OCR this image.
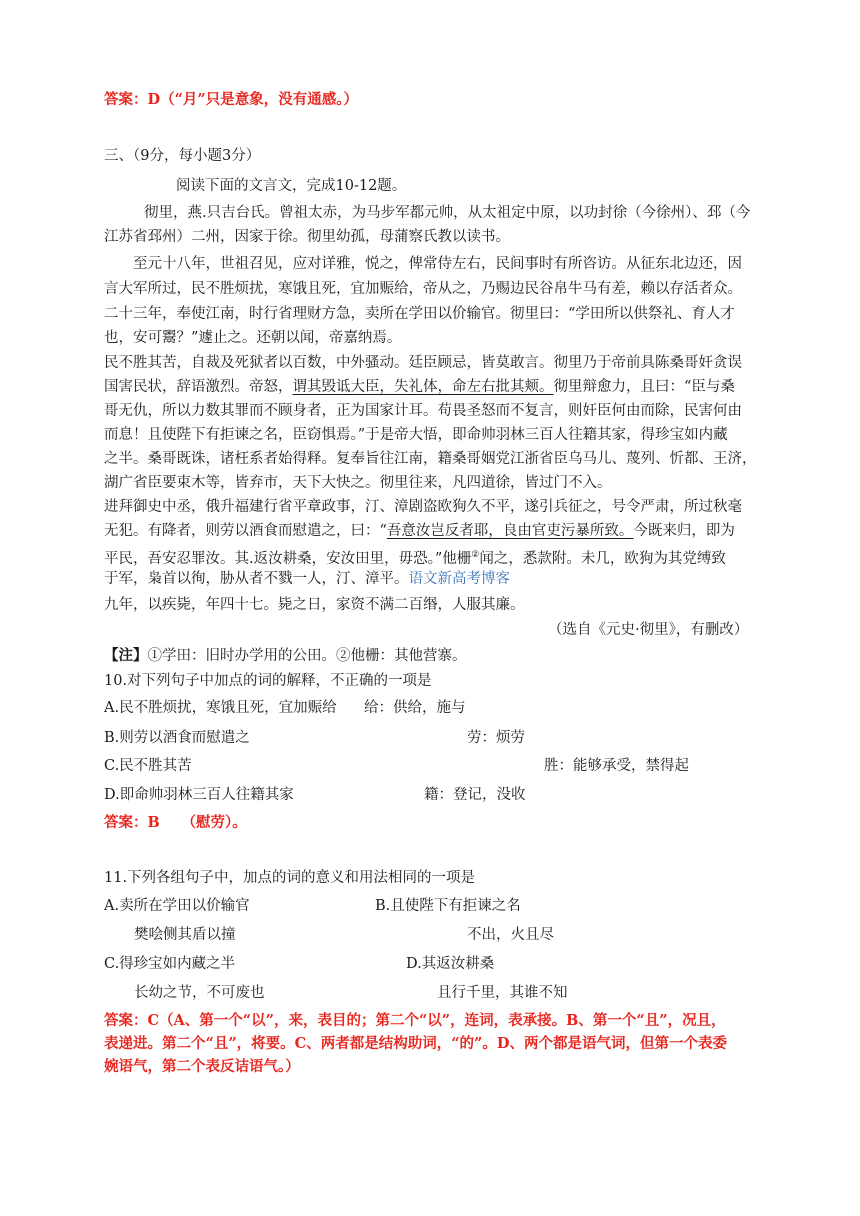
答案：D（“月”只是意象，没有通感。）
三、（9分，每小题3分）
阅读下面的文言文，完成10-12题。
彻里，燕.只吉台氏。曾祖太赤，为马步军都元帅，从太祖定中原，以功封徐（今徐州）、邳（今
江苏省邳州）二州，因家于徐。彻里幼孤，母蒲察氏教以读书。
至元十八年，世祖召见，应对详雅，悦之，俾常侍左右，民间事时有所咨访。从征东北边还，因
言大军所过，民不胜烦扰，寒饿且死，宜加赈给，帝从之，乃赐边民谷帛牛马有差，赖以存活者众。
二十三年，奉使江南，时行省理财方急，卖所在学田以价输官。彻里曰：“学田所以供祭礼、育人才
也，安可鬻？”遽止之。还朝以闻，帝嘉纳焉。
民不胜其苦，自裁及死狱者以百数，中外骚动。廷臣顾忌，皆莫敢言。彻里乃于帝前具陈桑哥奸贪误
国害民状，辞语激烈。帝怒，谓其毁诋大臣，失礼体，命左右批其颊。彻里辩愈力，且曰：“臣与桑
哥无仇，所以力数其罪而不顾身者，正为国家计耳。苟畏圣怒而不复言，则奸臣何由而除，民害何由
而息！且使陛下有拒谏之名，臣窃惧焉。”于是帝大悟，即命帅羽林三百人往籍其家，得珍宝如内藏
之半。桑哥既诛，诸枉系者始得释。复奉旨往江南，籍桑哥姻党江浙省臣乌马儿、蔑列、忻都、王济，
湖广省臣要束木等，皆弃市，天下大快之。彻里往来，凡四道徐，皆过门不入。
进拜御史中丞，俄升福建行省平章政事，汀、漳剧盗欧狗久不平，遂引兵征之，号令严肃，所过秋毫
无犯。有降者，则劳以酒食而慰遣之，曰：“吾意汝岂反者耶，良由官吏污暴所致。今既来归，即为
平民，吾安忍罪汝。其.返汝耕桑，安汝田里，毋恐。”他栅②闻之，悉款附。未几，欧狗为其党缚致
于军，枭首以徇，胁从者不戮一人，汀、漳平。语文新高考博客
九年，以疾毙，年四十七。毙之日，家资不满二百缗，人服其廉。
（选自《元史·彻里》，有删改）
【注】①学田：旧时办学用的公田。②他栅：其他营寨。
10.对下列句子中加点的词的解释，不正确的一项是
A.民不胜烦扰，寒饿且死，宜加赈给 给：供给，施与
B.则劳以酒食而慰遣之	劳：烦劳
C.民不胜其苦	胜：能够承受，禁得起
D.即命帅羽林三百人往籍其家	籍：登记，没收
答案：B　　（慰劳）。
11.下列各组句子中，加点的词的意义和用法相同的一项是
A.卖所在学田以价输官	B.且使陛下有拒谏之名
樊哙侧其盾以撞	不出，火且尽
C.得珍宝如内藏之半	D.其返汝耕桑
长幼之节，不可废也	且行千里，其谁不知
答案：C（A、第一个“以”，来，表目的；第二个“以”，连词，表承接。B、第一个“且”，况且，
表递进。第二个“且”，将要。C、两者都是结构助词，“的”。D、两个都是语气词，但第一个表委
婉语气，第二个表反诘语气。）
